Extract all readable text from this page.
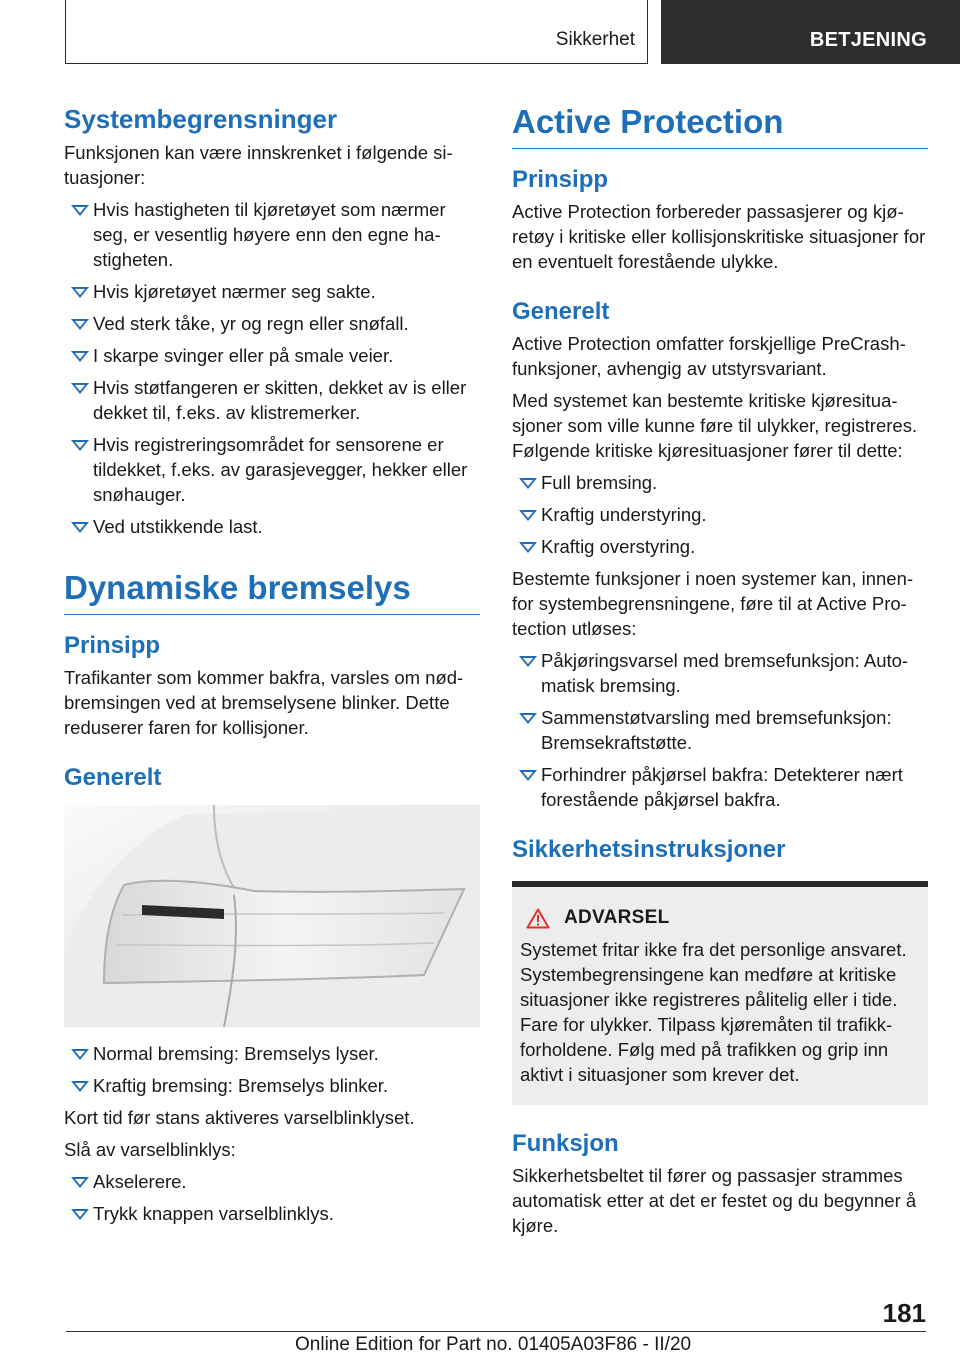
Sikkerhet	BETJENING
Systembegrensninger

Funksjonen kan være innskrenket i følgende si‐ tuasjoner:

Hvis hastigheten til kjøretøyet som nærmer seg, er vesentlig høyere enn den egne ha‐ stigheten.
Hvis kjøretøyet nærmer seg sakte.
Ved sterk tåke, yr og regn eller snøfall.
I skarpe svinger eller på smale veier.
Hvis støtfangeren er skitten, dekket av is eller dekket til, f.eks. av klistremerker.
Hvis registreringsområdet for sensorene er tildekket, f.eks. av garasjevegger, hekker eller snøhauger.
Ved utstikkende last.
Dynamiske bremselys
Prinsipp

Trafikanter som kommer bakfra, varsles om nød‐ bremsingen ved at bremselysene blinker. Dette reduserer faren for kollisjoner.

Generelt
Normal bremsing: Bremselys lyser.
Kraftig bremsing: Bremselys blinker.

Kort tid før stans aktiveres varselblinklyset.

Slå av varselblinklys:

Akselerere.
Trykk knappen varselblinklys.
Active Protection
Prinsipp

Active Protection forbereder passasjerer og kjø‐ retøy i kritiske eller kollisjonskritiske situasjoner for en eventuelt forestående ulykke.

Generelt

Active Protection omfatter forskjellige PreCrash- funksjoner, avhengig av utstyrsvariant.

Med systemet kan bestemte kritiske kjøresitua‐ sjoner som ville kunne føre til ulykker, registreres. Følgende kritiske kjøresituasjoner fører til dette:

Full bremsing.
Kraftig understyring.
Kraftig overstyring.

Bestemte funksjoner i noen systemer kan, innen‐ for systembegrensningene, føre til at Active Pro‐ tection utløses:

Påkjøringsvarsel med bremsefunksjon: Auto‐ matisk bremsing.
Sammenstøtvarsling med bremsefunksjon: Bremsekraftstøtte.
Forhindrer påkjørsel bakfra: Detekterer nært forestående påkjørsel bakfra.
Sikkerhetsinstruksjoner
ADVARSEL

Systemet fritar ikke fra det personlige ansvaret. Systembegrensingene kan medføre at kritiske situasjoner ikke registreres pålitelig eller i tide. Fare for ulykker. Tilpass kjøremåten til trafikk‐ forholdene. Følg med på trafikken og grip inn aktivt i situasjoner som krever det.

Funksjon

Sikkerhetsbeltet til fører og passasjer strammes automatisk etter at det er festet og du begynner å kjøre.

181
Online Edition for Part no. 01405A03F86 - II/20
